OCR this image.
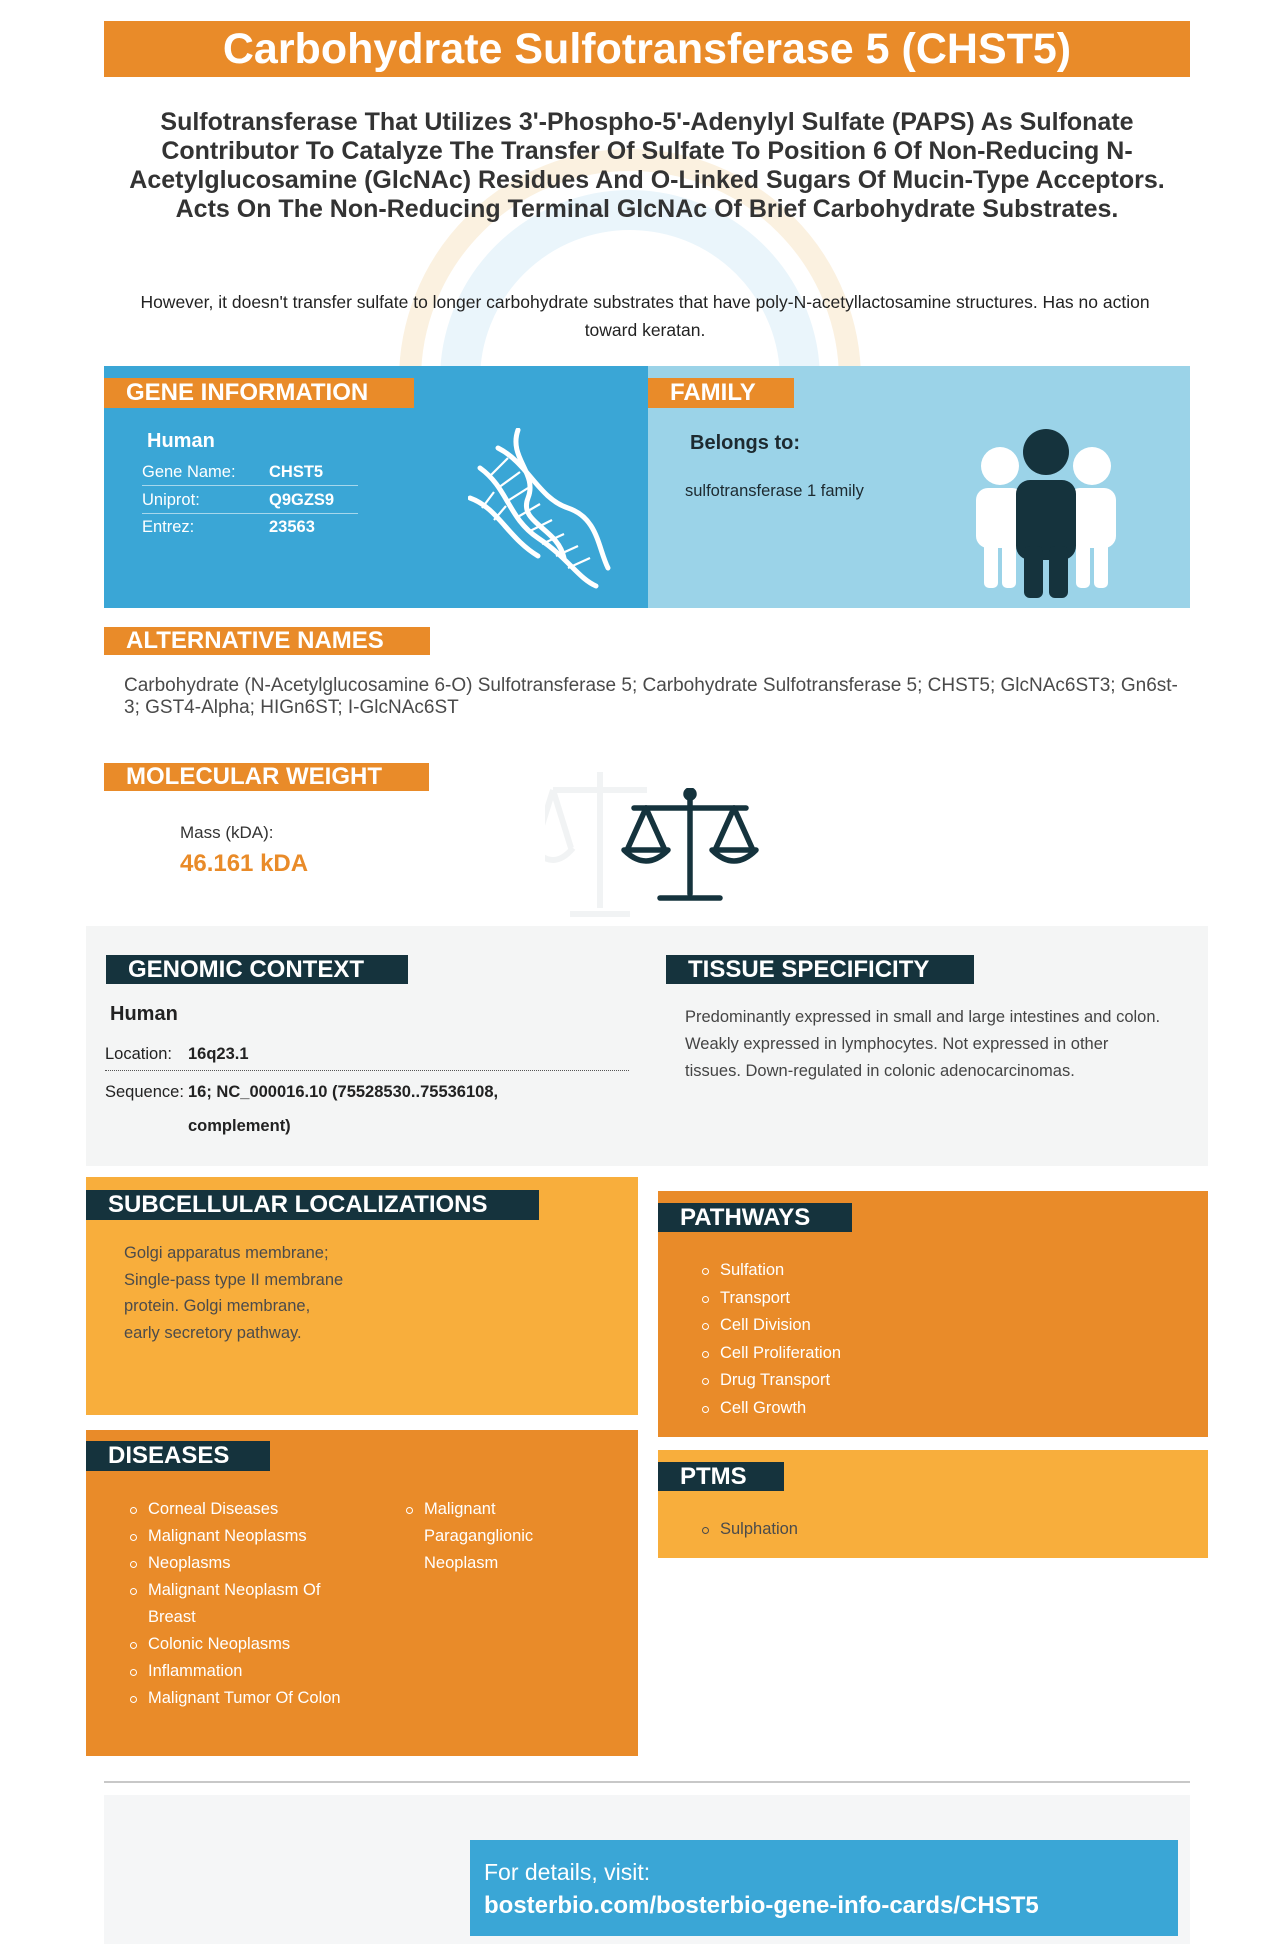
Carbohydrate Sulfotransferase 5 (CHST5)
Sulfotransferase That Utilizes 3'-Phospho-5'-Adenylyl Sulfate (PAPS) As Sulfonate Contributor To Catalyze The Transfer Of Sulfate To Position 6 Of Non-Reducing N-Acetylglucosamine (GlcNAc) Residues And O-Linked Sugars Of Mucin-Type Acceptors. Acts On The Non-Reducing Terminal GlcNAc Of Brief Carbohydrate Substrates.
However, it doesn't transfer sulfate to longer carbohydrate substrates that have poly-N-acetyllactosamine structures. Has no action toward keratan.
GENE INFORMATION	FAMILY
Human
Gene Name: CHST5
Uniprot:	Q9GZS9
Entrez:	23563
Belongs to:
sulfotransferase 1 family
ALTERNATIVE NAMES
Carbohydrate (N-Acetylglucosamine 6-O) Sulfotransferase 5; Carbohydrate Sulfotransferase 5; CHST5; GlcNAc6ST3; Gn6st-3; GST4-Alpha; HIGn6ST; I-GlcNAc6ST
MOLECULAR WEIGHT
Mass (kDA):
46.161 kDA
GENOMIC CONTEXT	TISSUE SPECIFICITY
Human
Location: 16q23.1
Sequence: 16; NC_000016.10 (75528530..75536108, complement)
Predominantly expressed in small and large intestines and colon. Weakly expressed in lymphocytes. Not expressed in other tissues. Down-regulated in colonic adenocarcinomas.
SUBCELLULAR LOCALIZATIONS
Golgi apparatus membrane; Single-pass type II membrane protein. Golgi membrane, early secretory pathway.
PATHWAYS
Sulfation
Transport
Cell Division
Cell Proliferation
Drug Transport
Cell Growth
DISEASES
Corneal Diseases
Malignant Neoplasms
Neoplasms
Malignant Neoplasm Of Breast
Colonic Neoplasms
Inflammation
Malignant Tumor Of Colon
Malignant Paraganglionic Neoplasm
PTMS
Sulphation
For details, visit:
bosterbio.com/bosterbio-gene-info-cards/CHST5
